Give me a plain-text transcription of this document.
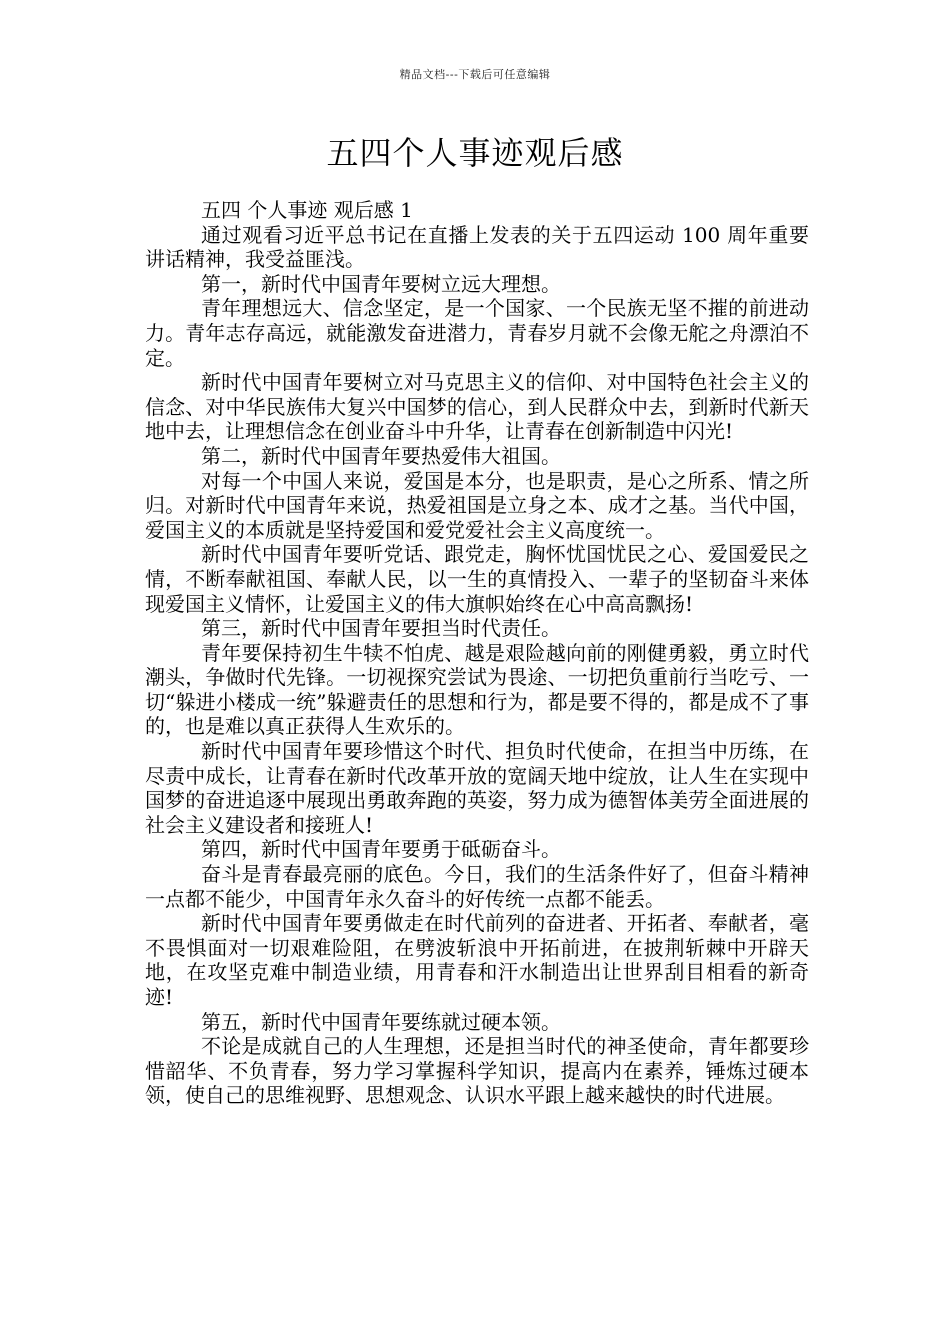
精品文档---下载后可任意编辑
五四个人事迹观后感

五四 个人事迹 观后感 1

通过观看习近平总书记在直播上发表的关于五四运动 100 周年重要讲话精神，我受益匪浅。

第一，新时代中国青年要树立远大理想。

青年理想远大、信念坚定，是一个国家、一个民族无坚不摧的前进动力。青年志存高远，就能激发奋进潜力，青春岁月就不会像无舵之舟漂泊不定。

新时代中国青年要树立对马克思主义的信仰、对中国特色社会主义的信念、对中华民族伟大复兴中国梦的信心，到人民群众中去，到新时代新天地中去，让理想信念在创业奋斗中升华，让青春在创新制造中闪光!

第二，新时代中国青年要热爱伟大祖国。

对每一个中国人来说，爱国是本分，也是职责，是心之所系、情之所归。对新时代中国青年来说，热爱祖国是立身之本、成才之基。当代中国，爱国主义的本质就是坚持爱国和爱党爱社会主义高度统一。

新时代中国青年要听党话、跟党走，胸怀忧国忧民之心、爱国爱民之情，不断奉献祖国、奉献人民，以一生的真情投入、一辈子的坚韧奋斗来体现爱国主义情怀，让爱国主义的伟大旗帜始终在心中高高飘扬!

第三，新时代中国青年要担当时代责任。

青年要保持初生牛犊不怕虎、越是艰险越向前的刚健勇毅，勇立时代潮头，争做时代先锋。一切视探究尝试为畏途、一切把负重前行当吃亏、一切“躲进小楼成一统”躲避责任的思想和行为，都是要不得的，都是成不了事的，也是难以真正获得人生欢乐的。

新时代中国青年要珍惜这个时代、担负时代使命，在担当中历练，在尽责中成长，让青春在新时代改革开放的宽阔天地中绽放，让人生在实现中国梦的奋进追逐中展现出勇敢奔跑的英姿，努力成为德智体美劳全面进展的社会主义建设者和接班人!

第四，新时代中国青年要勇于砥砺奋斗。

奋斗是青春最亮丽的底色。今日，我们的生活条件好了，但奋斗精神一点都不能少，中国青年永久奋斗的好传统一点都不能丢。

新时代中国青年要勇做走在时代前列的奋进者、开拓者、奉献者，毫不畏惧面对一切艰难险阻，在劈波斩浪中开拓前进，在披荆斩棘中开辟天地，在攻坚克难中制造业绩，用青春和汗水制造出让世界刮目相看的新奇迹!

第五，新时代中国青年要练就过硬本领。

不论是成就自己的人生理想，还是担当时代的神圣使命，青年都要珍惜韶华、不负青春，努力学习掌握科学知识，提高内在素养，锤炼过硬本领，使自己的思维视野、思想观念、认识水平跟上越来越快的时代进展。
